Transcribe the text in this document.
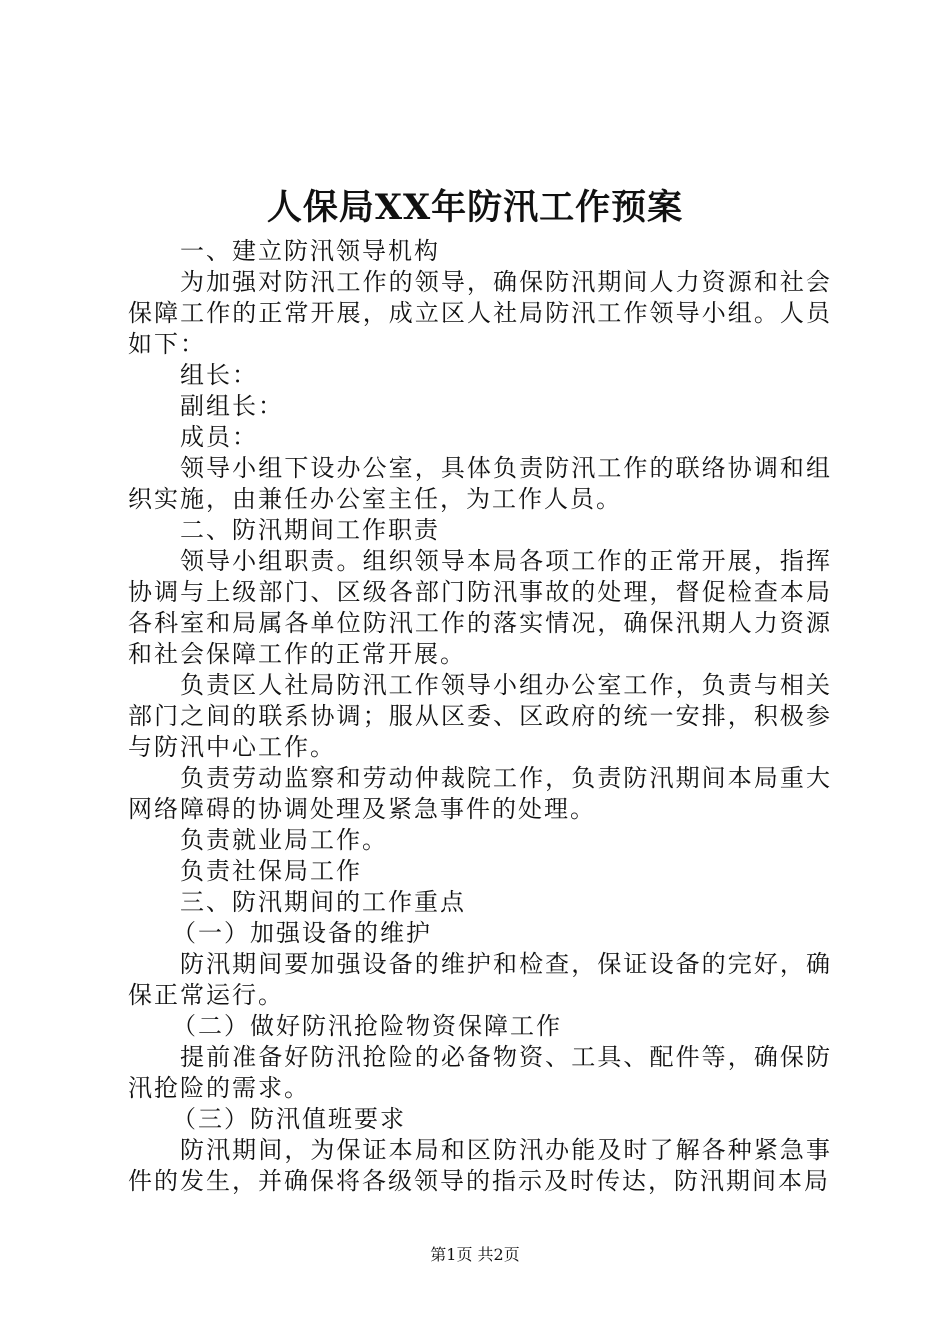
人保局XX年防汛工作预案

一、建立防汛领导机构

为加强对防汛工作的领导，确保防汛期间人力资源和社会保障工作的正常开展，成立区人社局防汛工作领导小组。人员如下：

组长：

副组长：

成员：

领导小组下设办公室，具体负责防汛工作的联络协调和组织实施，由兼任办公室主任，为工作人员。

二、防汛期间工作职责

领导小组职责。组织领导本局各项工作的正常开展，指挥协调与上级部门、区级各部门防汛事故的处理，督促检查本局各科室和局属各单位防汛工作的落实情况，确保汛期人力资源和社会保障工作的正常开展。

负责区人社局防汛工作领导小组办公室工作，负责与相关部门之间的联系协调；服从区委、区政府的统一安排，积极参与防汛中心工作。

负责劳动监察和劳动仲裁院工作，负责防汛期间本局重大网络障碍的协调处理及紧急事件的处理。

负责就业局工作。

负责社保局工作

三、防汛期间的工作重点

（一）加强设备的维护

防汛期间要加强设备的维护和检查，保证设备的完好，确保正常运行。

（二）做好防汛抢险物资保障工作

提前准备好防汛抢险的必备物资、工具、配件等，确保防汛抢险的需求。

（三）防汛值班要求

防汛期间，为保证本局和区防汛办能及时了解各种紧急事件的发生，并确保将各级领导的指示及时传达，防汛期间本局

第1页 共2页
